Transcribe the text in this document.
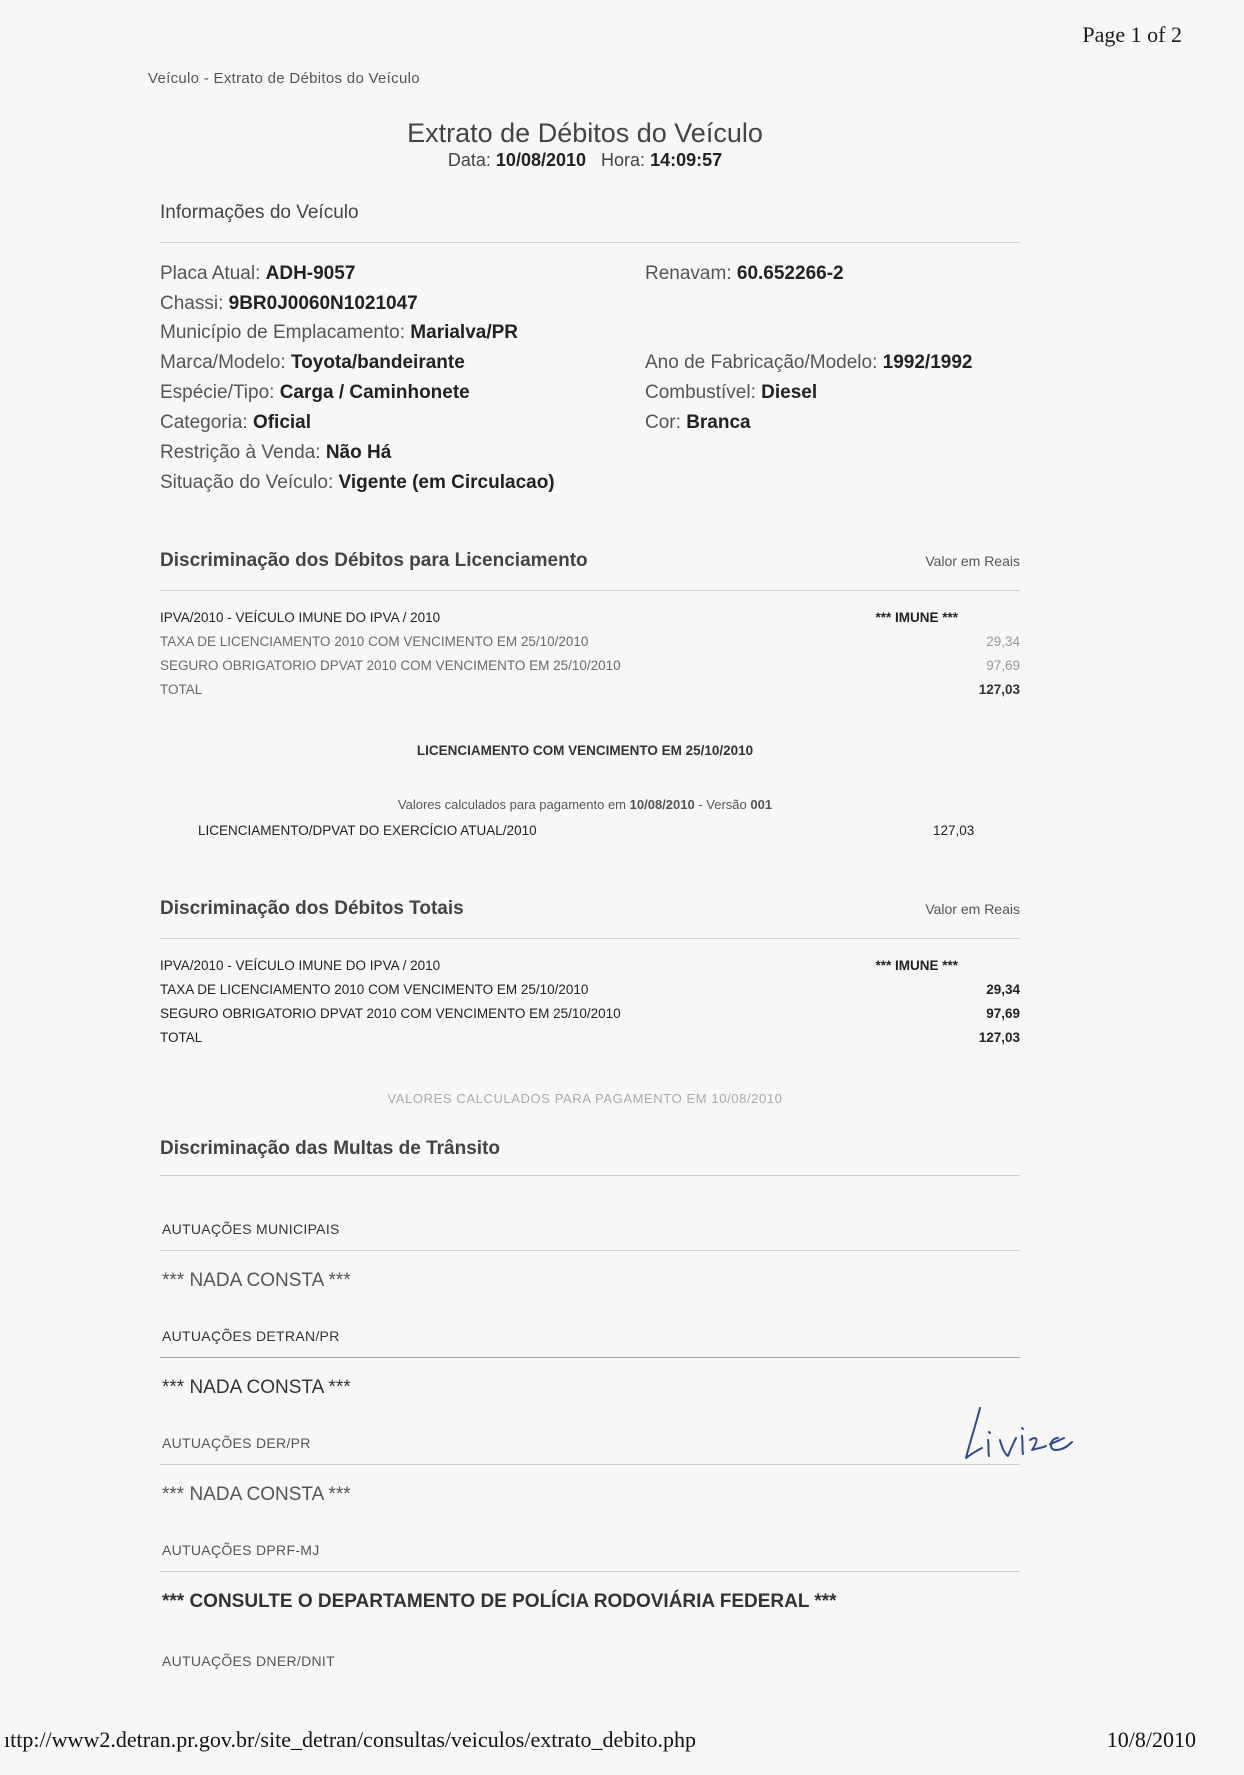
Page 1 of 2
Veículo - Extrato de Débitos do Veículo
Extrato de Débitos do Veículo
Data: 10/08/2010 Hora: 14:09:57
Informações do Veículo
Placa Atual: ADH-9057	Renavam: 60.652266-2
Chassi: 9BR0J0060N1021047
Município de Emplacamento: Marialva/PR
Marca/Modelo: Toyota/bandeirante	Ano de Fabricação/Modelo: 1992/1992
Espécie/Tipo: Carga / Caminhonete	Combustível: Diesel
Categoria: Oficial	Cor: Branca
Restrição à Venda: Não Há
Situação do Veículo: Vigente (em Circulacao)
Discriminação dos Débitos para Licenciamento	Valor em Reais
IPVA/2010 - VEÍCULO IMUNE DO IPVA / 2010	*** IMUNE ***
TAXA DE LICENCIAMENTO 2010 COM VENCIMENTO EM 25/10/2010	29,34
SEGURO OBRIGATORIO DPVAT 2010 COM VENCIMENTO EM 25/10/2010	97,69
TOTAL	127,03
LICENCIAMENTO COM VENCIMENTO EM 25/10/2010
Valores calculados para pagamento em 10/08/2010 - Versão 001
LICENCIAMENTO/DPVAT DO EXERCÍCIO ATUAL/2010	127,03
Discriminação dos Débitos Totais	Valor em Reais
IPVA/2010 - VEÍCULO IMUNE DO IPVA / 2010	*** IMUNE ***
TAXA DE LICENCIAMENTO 2010 COM VENCIMENTO EM 25/10/2010	29,34
SEGURO OBRIGATORIO DPVAT 2010 COM VENCIMENTO EM 25/10/2010	97,69
TOTAL	127,03
VALORES CALCULADOS PARA PAGAMENTO EM 10/08/2010
Discriminação das Multas de Trânsito
AUTUAÇÕES MUNICIPAIS
*** NADA CONSTA ***
AUTUAÇÕES DETRAN/PR
*** NADA CONSTA ***
AUTUAÇÕES DER/PR
*** NADA CONSTA ***
AUTUAÇÕES DPRF-MJ
*** CONSULTE O DEPARTAMENTO DE POLÍCIA RODOVIÁRIA FEDERAL ***
AUTUAÇÕES DNER/DNIT
ıttp://www2.detran.pr.gov.br/site_detran/consultas/veiculos/extrato_debito.php	10/8/2010
